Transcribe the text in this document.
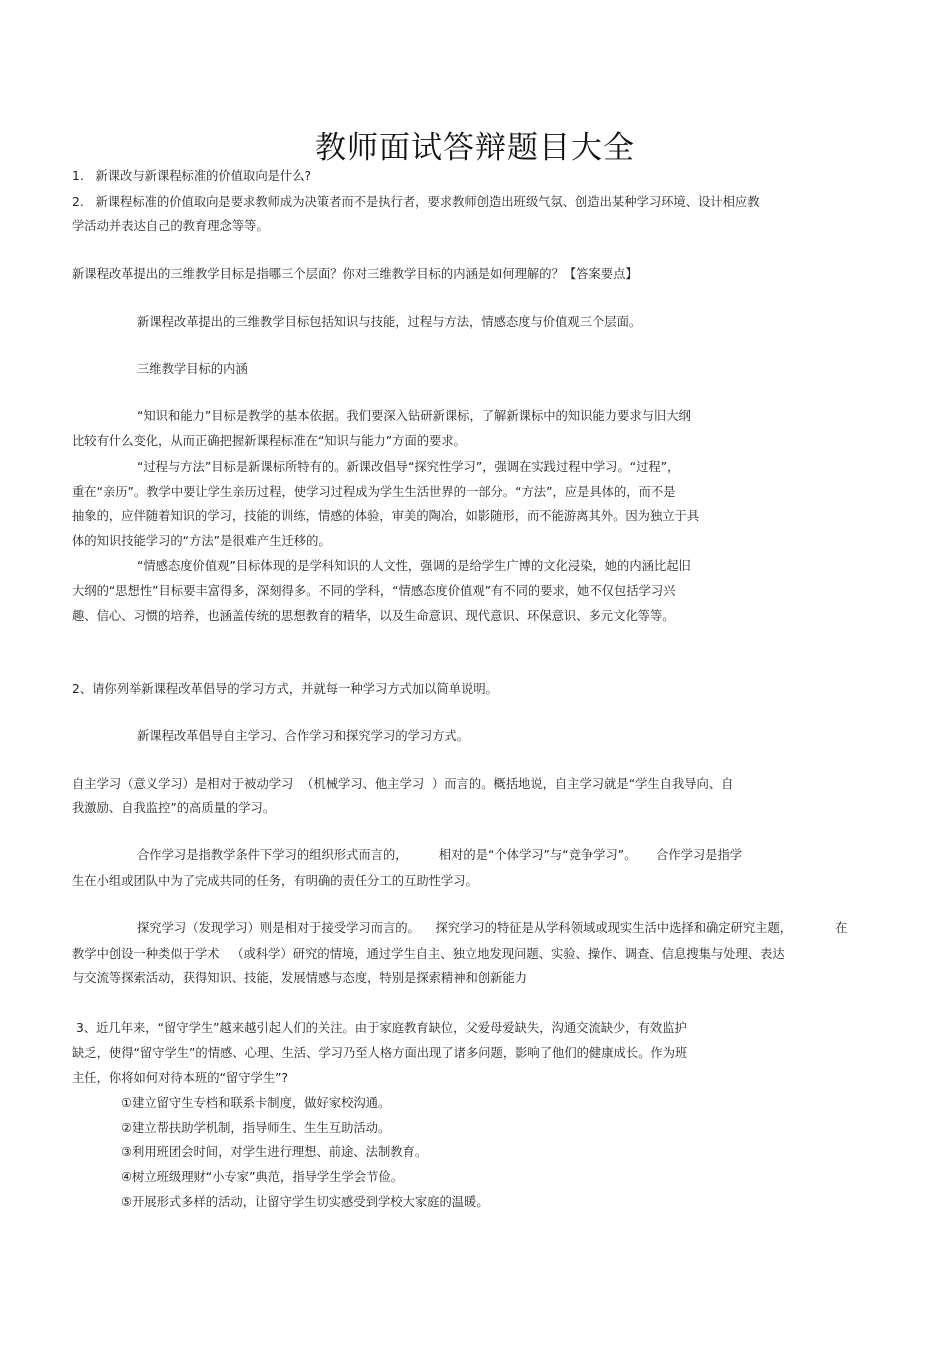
教师面试答辩题目大全
1.   新课改与新课程标准的价值取向是什么?
2.   新课程标准的价值取向是要求教师成为决策者而不是执行者，要求教师创造出班级气氛、创造出某种学习环境、设计相应教
学活动并表达自己的教育理念等等。
新课程改革提出的三维教学目标是指哪三个层面？你对三维教学目标的内涵是如何理解的？【答案要点】
新课程改革提出的三维教学目标包括知识与技能，过程与方法，情感态度与价值观三个层面。
三维教学目标的内涵
“知识和能力”目标是教学的基本依据。我们要深入钻研新课标，了解新课标中的知识能力要求与旧大纲
比较有什么变化，从而正确把握新课程标准在“知识与能力”方面的要求。
“过程与方法”目标是新课标所特有的。新课改倡导“探究性学习”，强调在实践过程中学习。“过程”，
重在“亲历”。教学中要让学生亲历过程，使学习过程成为学生生活世界的一部分。“方法”，应是具体的，而不是
抽象的，应伴随着知识的学习，技能的训练，情感的体验，审美的陶冶，如影随形，而不能游离其外。因为独立于具
体的知识技能学习的“方法”是很难产生迁移的。
“情感态度价值观”目标体现的是学科知识的人文性，强调的是给学生广博的文化浸染，她的内涵比起旧
大纲的“思想性”目标要丰富得多，深刻得多。不同的学科，“情感态度价值观”有不同的要求，她不仅包括学习兴
趣、信心、习惯的培养，也涵盖传统的思想教育的精华，以及生命意识、现代意识、环保意识、多元文化等等。
2、请你列举新课程改革倡导的学习方式，并就每一种学习方式加以简单说明。
新课程改革倡导自主学习、合作学习和探究学习的学习方式。
自主学习（意义学习）是相对于被动学习  （机械学习、他主学习  ）而言的。概括地说，自主学习就是“学生自我导向、自
我激励、自我监控”的高质量的学习。
合作学习是指教学条件下学习的组织形式而言的，        相对的是“个体学习”与“竞争学习”。     合作学习是指学
生在小组或团队中为了完成共同的任务，有明确的责任分工的互助性学习。
探究学习（发现学习）则是相对于接受学习而言的。    探究学习的特征是从学科领域或现实生活中选择和确定研究主题，           在
教学中创设一种类似于学术   （或科学）研究的情境，通过学生自主、独立地发现问题、实验、操作、调查、信息搜集与处理、表达
与交流等探索活动，获得知识、技能，发展情感与态度，特别是探索精神和创新能力
3、近几年来，“留守学生”越来越引起人们的关注。由于家庭教育缺位，父爱母爱缺失，沟通交流缺少，有效监护
缺乏，使得“留守学生”的情感、心理、生活、学习乃至人格方面出现了诸多问题，影响了他们的健康成长。作为班
主任，你将如何对待本班的“留守学生”?
①建立留守生专档和联系卡制度，做好家校沟通。
②建立帮扶助学机制，指导师生、生生互助活动。
③利用班团会时间，对学生进行理想、前途、法制教育。
④树立班级理财“小专家”典范，指导学生学会节俭。
⑤开展形式多样的活动，让留守学生切实感受到学校大家庭的温暖。
